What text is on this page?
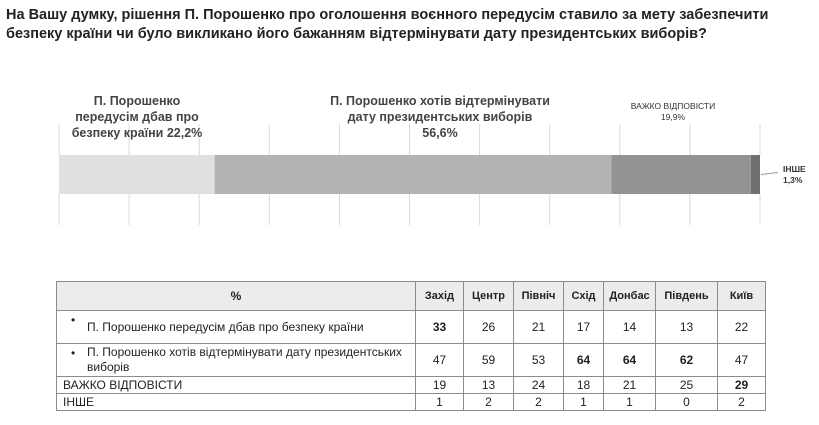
На Вашу думку, рішення П. Порошенко про оголошення воєнного передусім ставило за мету забезпечити безпеку країни чи було викликано його бажанням відтермінувати дату президентських виборів?
П. Порошенко
передусім дбав про
безпеку країни 22,2%
П. Порошенко хотів відтермінувати
дату президентських виборів
56,6%
ВАЖКО ВІДПОВІСТИ
19,9%
ІНШЕ
1,3%
%	Захід	Центр	Північ	Схід	Донбас	Південь	Київ
• П. Порошенко передусім дбав про безпеку країни	33	26	21	17	14	13	22
• П. Порошенко хотів відтермінувати дату президентських виборів	47	59	53	64	64	62	47
ВАЖКО ВІДПОВІСТИ	19	13	24	18	21	25	29
ІНШЕ	1	2	2	1	1	0	2
